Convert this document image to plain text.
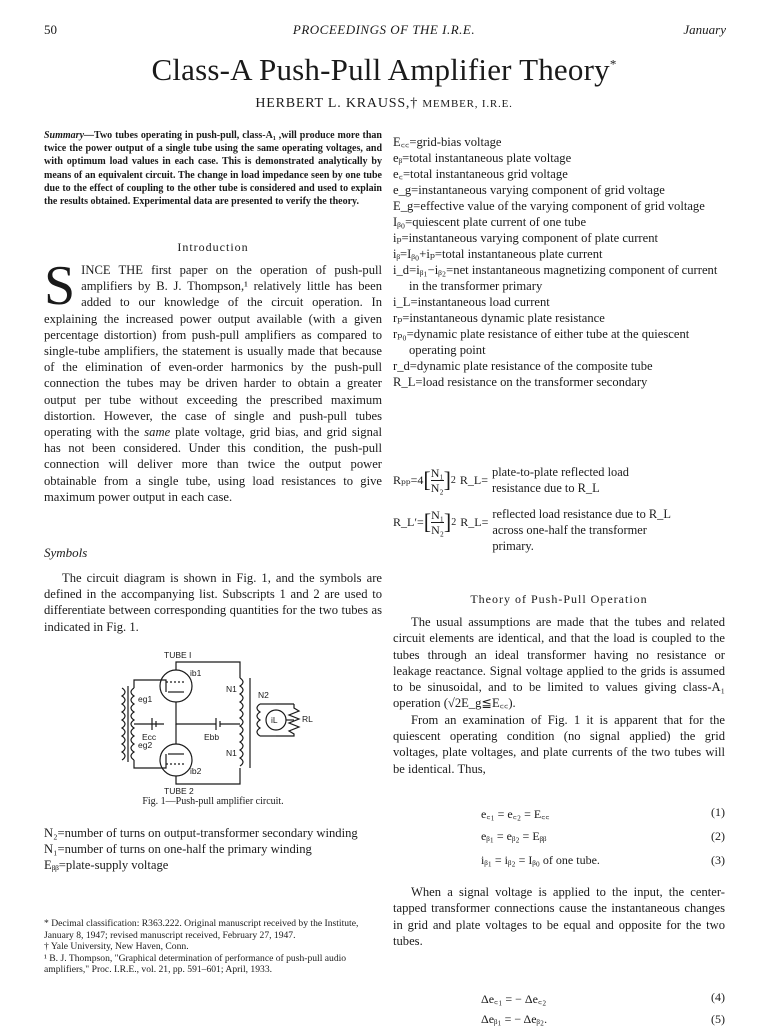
50	PROCEEDINGS OF THE I.R.E.	January
Class-A Push-Pull Amplifier Theory*
HERBERT L. KRAUSS,† MEMBER, I.R.E.
Summary—Two tubes operating in push-pull, class-A₁ ,will produce more than twice the power output of a single tube using the same operating voltages, and with optimum load values in each case. This is demonstrated analytically by means of an equivalent circuit. The change in load impedance seen by one tube due to the effect of coupling to the other tube is considered and used to explain the results obtained. Experimental data are presented to verify the theory.
Introduction
SINCE THE first paper on the operation of push-pull amplifiers by B. J. Thompson,¹ relatively little has been added to our knowledge of the circuit operation. In explaining the increased power output available (with a given percentage distortion) from push-pull amplifiers as compared to single-tube amplifiers, the statement is usually made that because of the elimination of even-order harmonics by the push-pull connection the tubes may be driven harder to obtain a greater output per tube without exceeding the prescribed maximum distortion. However, the case of single and push-pull tubes operating with the same plate voltage, grid bias, and grid signal has not been considered. Under this condition, the push-pull connection will deliver more than twice the output power obtainable from a single tube, using load resistances to give maximum power output in each case.
Symbols
The circuit diagram is shown in Fig. 1, and the symbols are defined in the accompanying list. Subscripts 1 and 2 are used to differentiate between corresponding quantities for the two tubes as indicated in Fig. 1.
TUBE I
TUBE 2
ib1
ib2
eg1
eg2
Ecc	Ebb
N1
N1
N2
iL	RL
Fig. 1—Push-pull amplifier circuit.

N₂=number of turns on output-transformer secondary winding

N₁=number of turns on one-half the primary winding

Eᵦᵦ=plate-supply voltage

* Decimal classification: R363.222. Original manuscript received by the Institute, January 8, 1947; revised manuscript received, February 27, 1947.

† Yale University, New Haven, Conn.

¹ B. J. Thompson, "Graphical determination of performance of push-pull audio amplifiers," Proc. I.R.E., vol. 21, pp. 591–601; April, 1933.

E꜀꜀=grid-bias voltage

eᵦ=total instantaneous plate voltage

e꜀=total instantaneous grid voltage

e_g=instantaneous varying component of grid voltage

E_g=effective value of the varying component of grid voltage

Iᵦ₀=quiescent plate current of one tube

iₚ=instantaneous varying component of plate current

iᵦ=Iᵦ₀+iₚ=total instantaneous plate current

i_d=iᵦ₁−iᵦ₂=net instantaneous magnetizing component of current in the transformer primary

i_L=instantaneous load current

rₚ=instantaneous dynamic plate resistance

rₚ₀=dynamic plate resistance of either tube at the quiescent operating point

r_d=dynamic plate resistance of the composite tube

R_L=load resistance on the transformer secondary

Rₚₚ=4 [ $\frac{\text{N₁}}{\text{N₂}}$ ] 2 R_L=
plate-to-plate reflected load resistance due to R_L
R_L′= [ $\frac{\text{N₁}}{\text{N₂}}$ ] 2 R_L=
reflected load resistance due to R_L across one-half the transformer primary.
Theory of Push-Pull Operation

The usual assumptions are made that the tubes and related circuit elements are identical, and that the load is coupled to the tubes through an ideal transformer having no resistance or leakage reactance. Signal voltage applied to the grids is assumed to be sinusoidal, and to be limited to values giving class-A₁ operation (√2E_g≦E꜀꜀).

From an examination of Fig. 1 it is apparent that for the quiescent operating condition (no signal applied) the grid voltages, plate voltages, and plate currents of the two tubes will be identical. Thus,

e꜀₁ = e꜀₂ = E꜀꜀	(1)
eᵦ₁ = eᵦ₂ = Eᵦᵦ	(2)
iᵦ₁ = iᵦ₂ = Iᵦ₀ of one tube.	(3)
When a signal voltage is applied to the input, the center-tapped transformer connections cause the instantaneous changes in grid and plate voltages to be equal and opposite for the two tubes.
Δe꜀₁ = − Δe꜀₂	(4)
Δeᵦ₁ = − Δeᵦ₂.	(5)
